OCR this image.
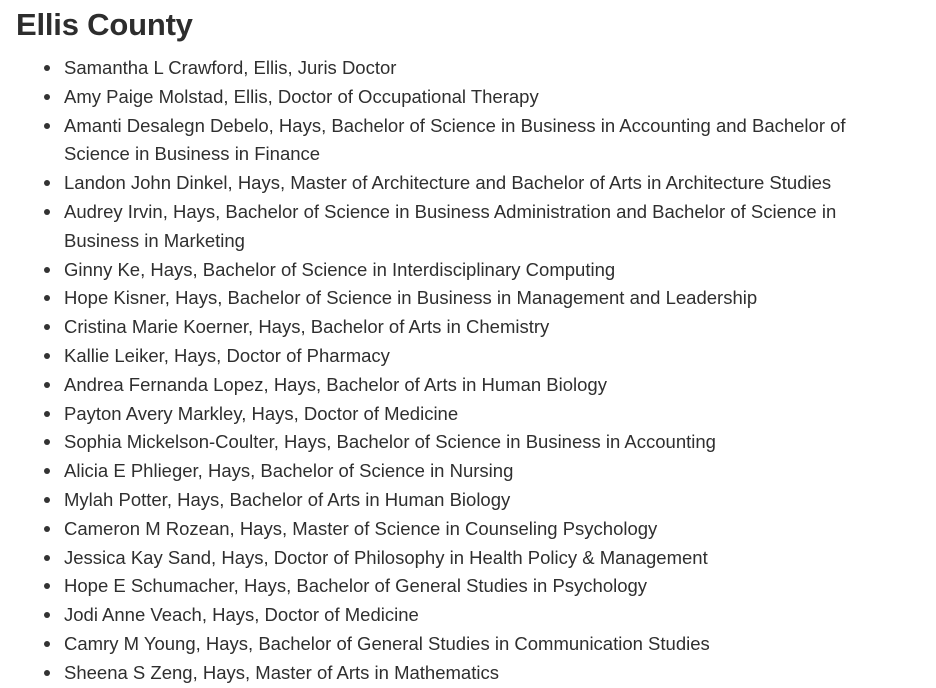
Ellis County
Samantha L Crawford, Ellis, Juris Doctor
Amy Paige Molstad, Ellis, Doctor of Occupational Therapy
Amanti Desalegn Debelo, Hays, Bachelor of Science in Business in Accounting and Bachelor of Science in Business in Finance
Landon John Dinkel, Hays, Master of Architecture and Bachelor of Arts in Architecture Studies
Audrey Irvin, Hays, Bachelor of Science in Business Administration and Bachelor of Science in Business in Marketing
Ginny Ke, Hays, Bachelor of Science in Interdisciplinary Computing
Hope Kisner, Hays, Bachelor of Science in Business in Management and Leadership
Cristina Marie Koerner, Hays, Bachelor of Arts in Chemistry
Kallie Leiker, Hays, Doctor of Pharmacy
Andrea Fernanda Lopez, Hays, Bachelor of Arts in Human Biology
Payton Avery Markley, Hays, Doctor of Medicine
Sophia Mickelson-Coulter, Hays, Bachelor of Science in Business in Accounting
Alicia E Phlieger, Hays, Bachelor of Science in Nursing
Mylah Potter, Hays, Bachelor of Arts in Human Biology
Cameron M Rozean, Hays, Master of Science in Counseling Psychology
Jessica Kay Sand, Hays, Doctor of Philosophy in Health Policy & Management
Hope E Schumacher, Hays, Bachelor of General Studies in Psychology
Jodi Anne Veach, Hays, Doctor of Medicine
Camry M Young, Hays, Bachelor of General Studies in Communication Studies
Sheena S Zeng, Hays, Master of Arts in Mathematics
